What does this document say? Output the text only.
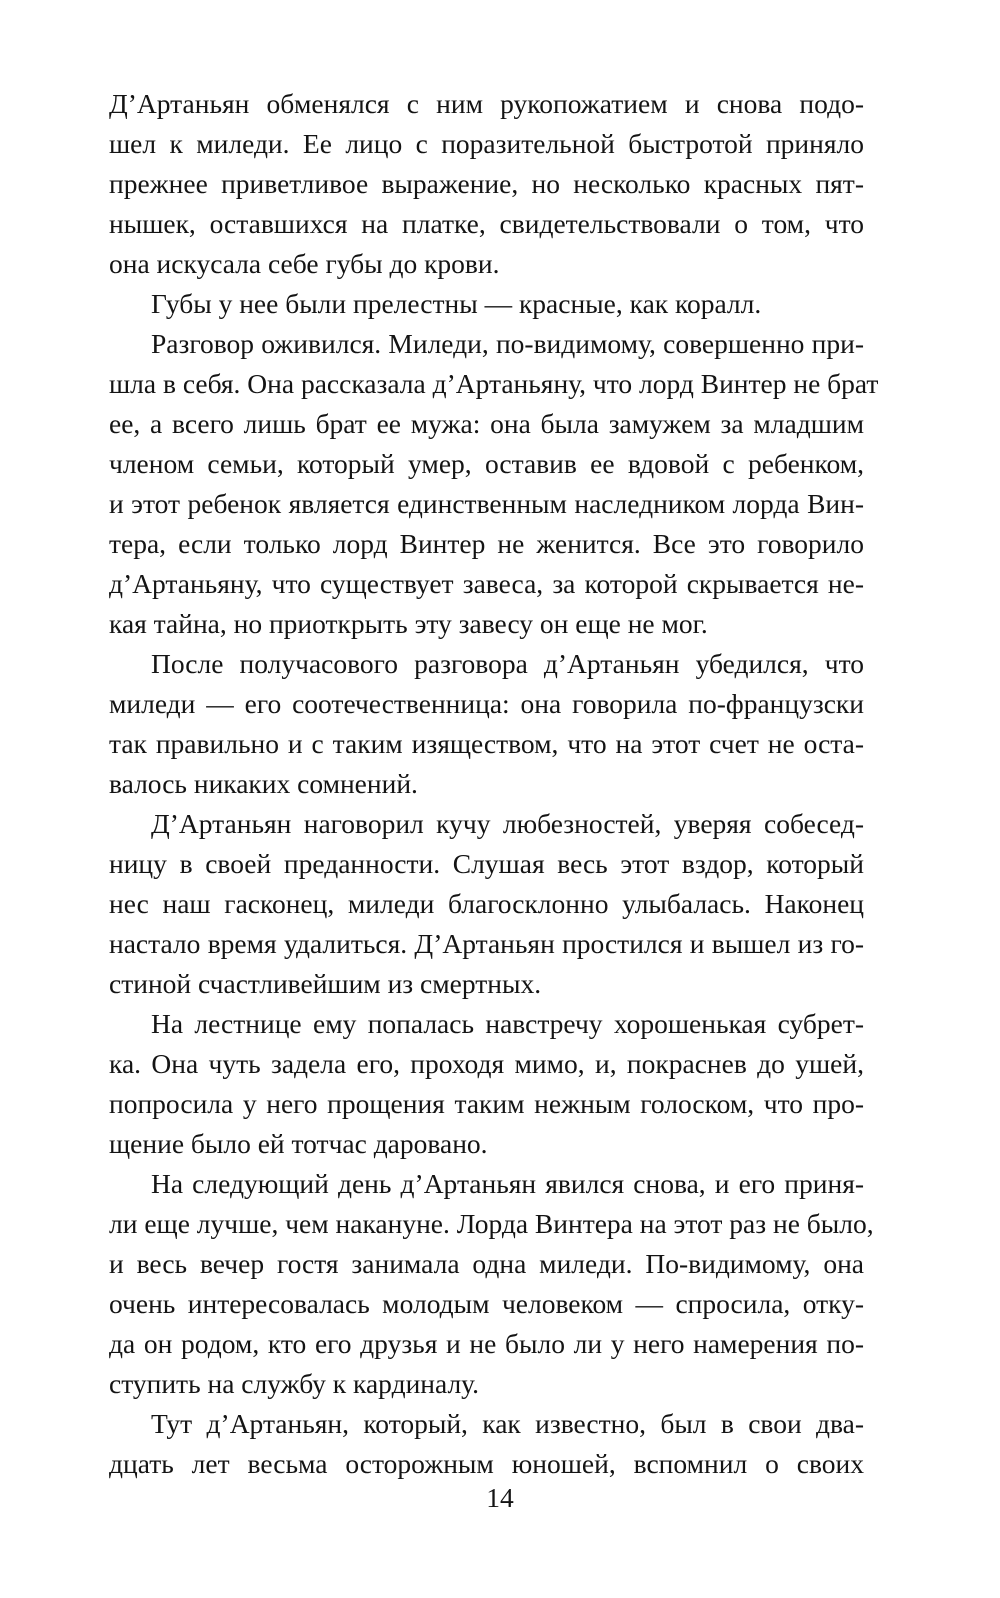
Д’Артаньян обменялся с ним рукопожатием и снова подо-
шел к миледи. Ее лицо с поразительной быстротой приняло
прежнее приветливое выражение, но несколько красных пят-
нышек, оставшихся на платке, свидетельствовали о том, что
она искусала себе губы до крови.
Губы у нее были прелестны — красные, как коралл.
Разговор оживился. Миледи, по-видимому, совершенно при-
шла в себя. Она рассказала д’Артаньяну, что лорд Винтер не брат
ее, а всего лишь брат ее мужа: она была замужем за младшим
членом семьи, который умер, оставив ее вдовой с ребенком,
и этот ребенок является единственным наследником лорда Вин-
тера, если только лорд Винтер не женится. Все это говорило
д’Артаньяну, что существует завеса, за которой скрывается не-
кая тайна, но приоткрыть эту завесу он еще не мог.
После получасового разговора д’Артаньян убедился, что
миледи — его соотечественница: она говорила по-французски
так правильно и с таким изяществом, что на этот счет не оста-
валось никаких сомнений.
Д’Артаньян наговорил кучу любезностей, уверяя собесед-
ницу в своей преданности. Слушая весь этот вздор, который
нес наш гасконец, миледи благосклонно улыбалась. Наконец
настало время удалиться. Д’Артаньян простился и вышел из го-
стиной счастливейшим из смертных.
На лестнице ему попалась навстречу хорошенькая субрет-
ка. Она чуть задела его, проходя мимо, и, покраснев до ушей,
попросила у него прощения таким нежным голоском, что про-
щение было ей тотчас даровано.
На следующий день д’Артаньян явился снова, и его приня-
ли еще лучше, чем накануне. Лорда Винтера на этот раз не было,
и весь вечер гостя занимала одна миледи. По-видимому, она
очень интересовалась молодым человеком — спросила, отку-
да он родом, кто его друзья и не было ли у него намерения по-
ступить на службу к кардиналу.
Тут д’Артаньян, который, как известно, был в свои два-
дцать лет весьма осторожным юношей, вспомнил о своих
14
